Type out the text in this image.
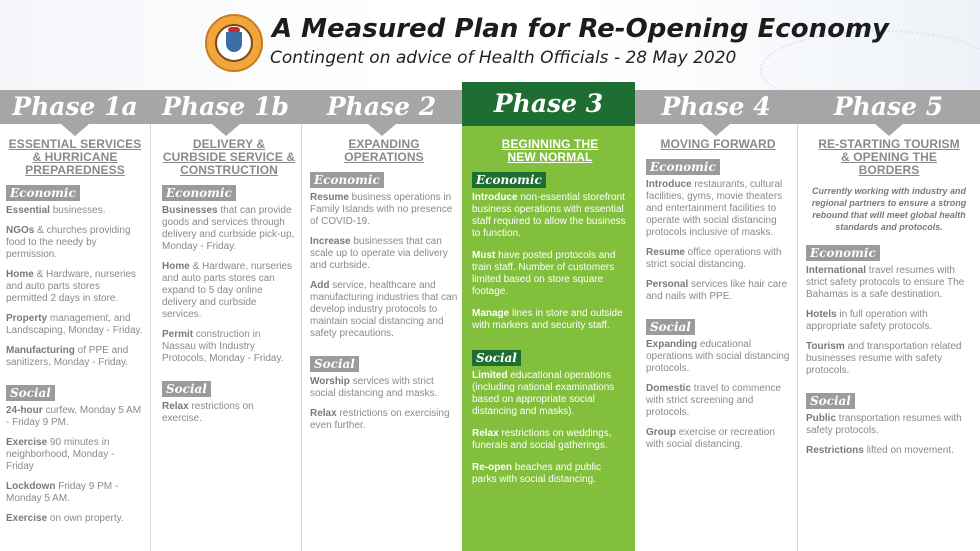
A Measured Plan for Re-Opening Economy
Contingent on advice of Health Officials - 28 May 2020
Phase 1a Phase 1b	Phase 2	Phase 4	Phase 5
Phase 3
ESSENTIAL SERVICES & HURRICANE PREPAREDNESS
Economic
Essential businesses.
NGOs & churches providing food to the needy by permission.
Home & Hardware, nurseries and auto parts stores permitted 2 days in store.
Property management, and Landscaping, Monday - Friday.
Manufacturing of PPE and sanitizers, Monday - Friday.
Social
24-hour curfew, Monday 5 AM - Friday 9 PM.
Exercise 90 minutes in neighborhood, Monday - Friday
Lockdown Friday 9 PM - Monday 5 AM.
Exercise on own property.
DELIVERY & CURBSIDE SERVICE & CONSTRUCTION
Economic
Businesses that can provide goods and services through delivery and curbside pick-up, Monday - Friday.
Home & Hardware, nurseries and auto parts stores can expand to 5 day online delivery and curbside services.
Permit construction in Nassau with Industry Protocols, Monday - Friday.
Social
Relax restrictions on exercise.
EXPANDING OPERATIONS
Economic
Resume business operations in Family Islands with no presence of COVID-19.
Increase businesses that can scale up to operate via delivery and curbside.
Add service, healthcare and manufacturing industries that can develop industry protocols to maintain social distancing and safety precautions.
Social
Worship services with strict social distancing and masks.
Relax restrictions on exercising even further.
BEGINNING THE NEW NORMAL
Economic
Introduce non-essential storefront business operations with essential staff required to allow the business to function.
Must have posted protocols and train staff. Number of customers limited based on store square footage.
Manage lines in store and outside with markers and security staff.
Social
Limited educational operations (including national examinations based on appropriate social distancing and masks).
Relax restrictions on weddings, funerals and social gatherings.
Re-open beaches and public parks with social distancing.
MOVING FORWARD
Economic
Introduce restaurants, cultural facilities, gyms, movie theaters and entertainment facilities to operate with social distancing protocols inclusive of masks.
Resume office operations with strict social distancing.
Personal services like hair care and nails with PPE.
Social
Expanding educational operations with social distancing protocols.
Domestic travel to commence with strict screening and protocols.
Group exercise or recreation with social distancing.
RE-STARTING TOURISM & OPENING THE BORDERS
Currently working with industry and regional partners to ensure a strong rebound that will meet global health standards and protocols.
Economic
International travel resumes with strict safety protocols to ensure The Bahamas is a safe destination.
Hotels in full operation with appropriate safety protocols.
Tourism and transportation related businesses resume with safety protocols.
Social
Public transportation resumes with safety protocols.
Restrictions lifted on movement.
